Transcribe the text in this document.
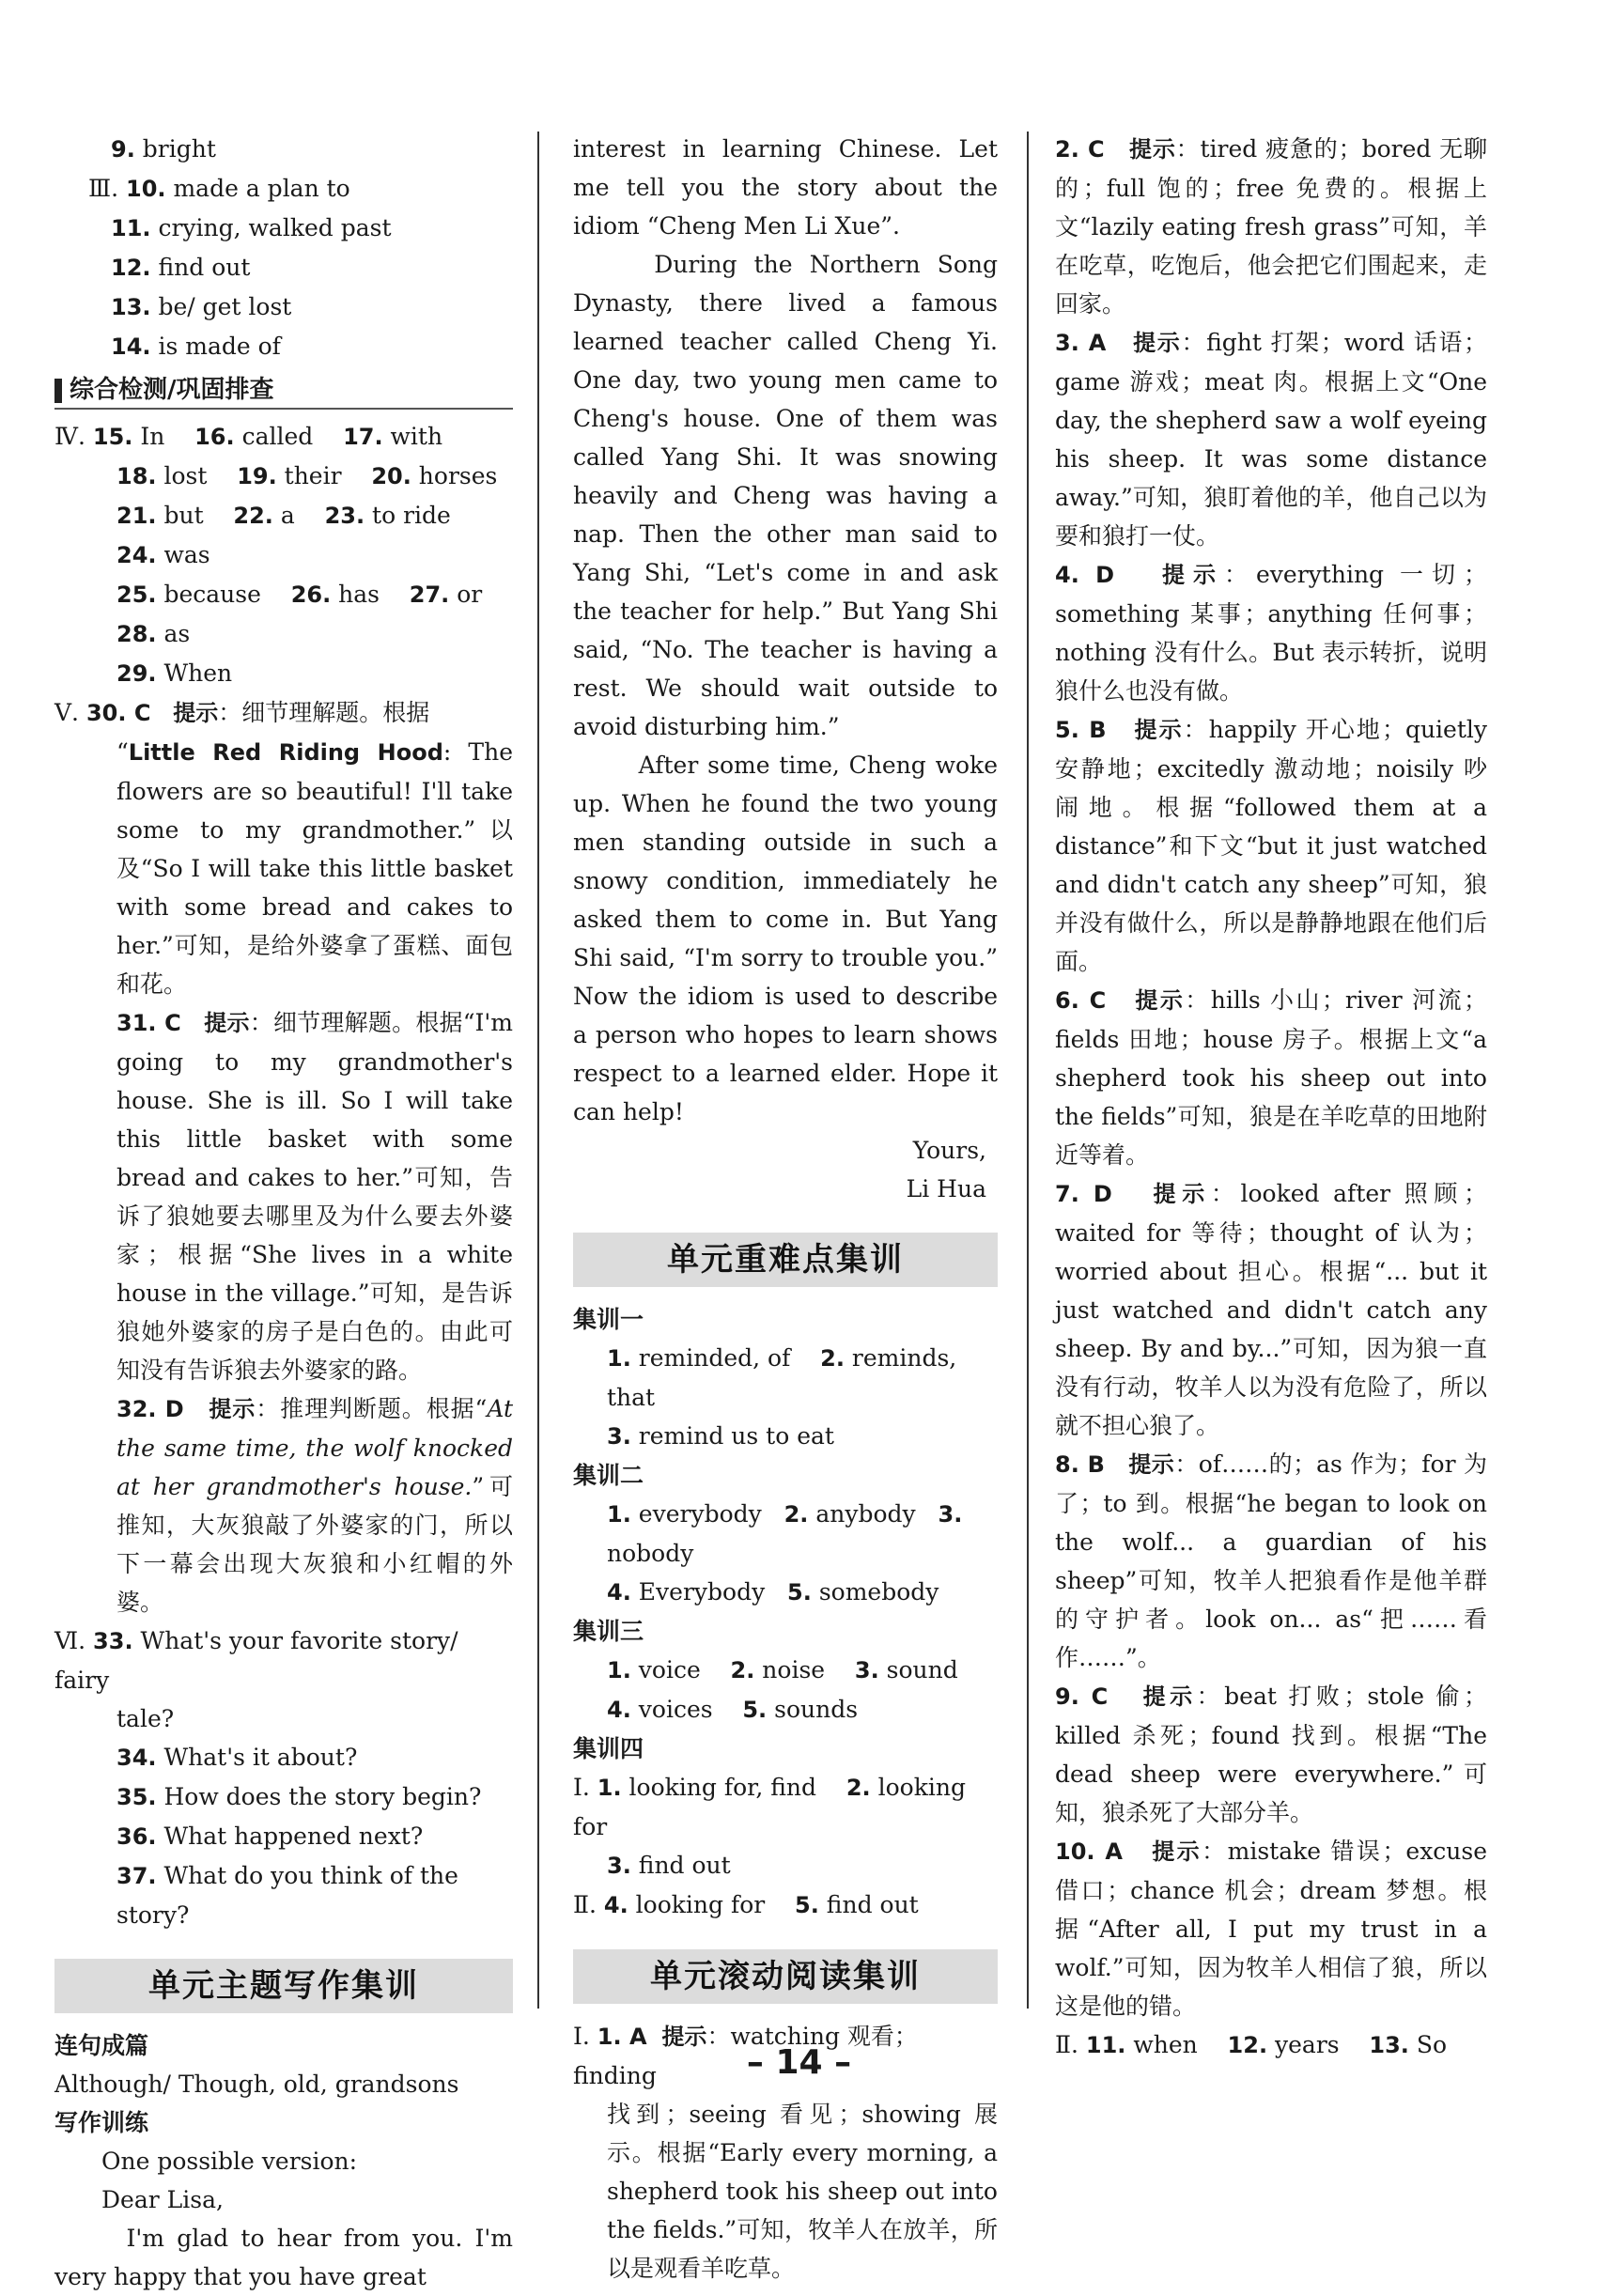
9. bright

Ⅲ. 10. made a plan to

11. crying, walked past

12. find out

13. be/ get lost

14. is made of

综合检测/巩固排查

Ⅳ. 15. In    16. called    17. with

18. lost    19. their    20. horses

21. but    22. a    23. to ride    24. was

25. because    26. has    27. or    28. as

29. When

Ⅴ. 30. C 提示：细节理解题。根据

“Little Red Riding Hood: The flowers are so beautiful! I'll take some to my grandmother.”以及“So I will take this little basket with some bread and cakes to her.”可知，是给外婆拿了蛋糕、面包和花。

31. C 提示：细节理解题。根据“I'm going to my grandmother's house. She is ill. So I will take this little basket with some bread and cakes to her.”可知，告诉了狼她要去哪里及为什么要去外婆家；根据“She lives in a white house in the village.”可知，是告诉狼她外婆家的房子是白色的。由此可知没有告诉狼去外婆家的路。

32. D 提示：推理判断题。根据“At the same time, the wolf knocked at her grandmother's house.”可推知，大灰狼敲了外婆家的门，所以下一幕会出现大灰狼和小红帽的外婆。

Ⅵ. 33. What's your favorite story/ fairy

tale?

34. What's it about?

35. How does the story begin?

36. What happened next?

37. What do you think of the story?

单元主题写作集训

连句成篇

Although/ Though, old, grandsons

写作训练

One possible version:

Dear Lisa,

I'm glad to hear from you. I'm very happy that you have great

interest in learning Chinese. Let me tell you the story about the idiom “Cheng Men Li Xue”.

During the Northern Song Dynasty, there lived a famous learned teacher called Cheng Yi. One day, two young men came to Cheng's house. One of them was called Yang Shi. It was snowing heavily and Cheng was having a nap. Then the other man said to Yang Shi, “Let's come in and ask the teacher for help.” But Yang Shi said, “No. The teacher is having a rest. We should wait outside to avoid disturbing him.”

After some time, Cheng woke up. When he found the two young men standing outside in such a snowy condition, immediately he asked them to come in. But Yang Shi said, “I'm sorry to trouble you.” Now the idiom is used to describe a person who hopes to learn shows respect to a learned elder. Hope it can help!

Yours,

Li Hua

单元重难点集训

集训一

1. reminded, of    2. reminds, that

3. remind us to eat

集训二

1. everybody   2. anybody   3. nobody

4. Everybody   5. somebody

集训三

1. voice    2. noise    3. sound

4. voices    5. sounds

集训四

Ⅰ. 1. looking for, find    2. looking for

3. find out

Ⅱ. 4. looking for    5. find out

单元滚动阅读集训

Ⅰ. 1. A 提示：watching 观看；finding

找到；seeing 看见；showing 展示。根据“Early every morning, a shepherd took his sheep out into the fields.”可知，牧羊人在放羊，所以是观看羊吃草。

2. C 提示：tired 疲惫的；bored 无聊的；full 饱的；free 免费的。根据上文“lazily eating fresh grass”可知，羊在吃草，吃饱后，他会把它们围起来，走回家。

3. A 提示：fight 打架；word 话语；game 游戏；meat 肉。根据上文“One day, the shepherd saw a wolf eyeing his sheep. It was some distance away.”可知，狼盯着他的羊，他自己以为要和狼打一仗。

4. D 提示：everything 一切；something 某事；anything 任何事；nothing 没有什么。But 表示转折，说明狼什么也没有做。

5. B 提示：happily 开心地；quietly 安静地；excitedly 激动地；noisily 吵闹地。根据“followed them at a distance”和下文“but it just watched and didn't catch any sheep”可知，狼并没有做什么，所以是静静地跟在他们后面。

6. C 提示：hills 小山；river 河流；fields 田地；house 房子。根据上文“a shepherd took his sheep out into the fields”可知，狼是在羊吃草的田地附近等着。

7. D 提示：looked after 照顾；waited for 等待；thought of 认为；worried about 担心。根据“... but it just watched and didn't catch any sheep. By and by...”可知，因为狼一直没有行动，牧羊人以为没有危险了，所以就不担心狼了。

8. B 提示：of……的；as 作为；for 为了；to 到。根据“he began to look on the wolf... a guardian of his sheep”可知，牧羊人把狼看作是他羊群的守护者。look on... as“把……看作……”。

9. C 提示：beat 打败；stole 偷；killed 杀死；found 找到。根据“The dead sheep were everywhere.”可知，狼杀死了大部分羊。

10. A 提示：mistake 错误；excuse 借口；chance 机会；dream 梦想。根据“After all, I put my trust in a wolf.”可知，因为牧羊人相信了狼，所以这是他的错。

Ⅱ. 11. when    12. years    13. So

– 14 –
